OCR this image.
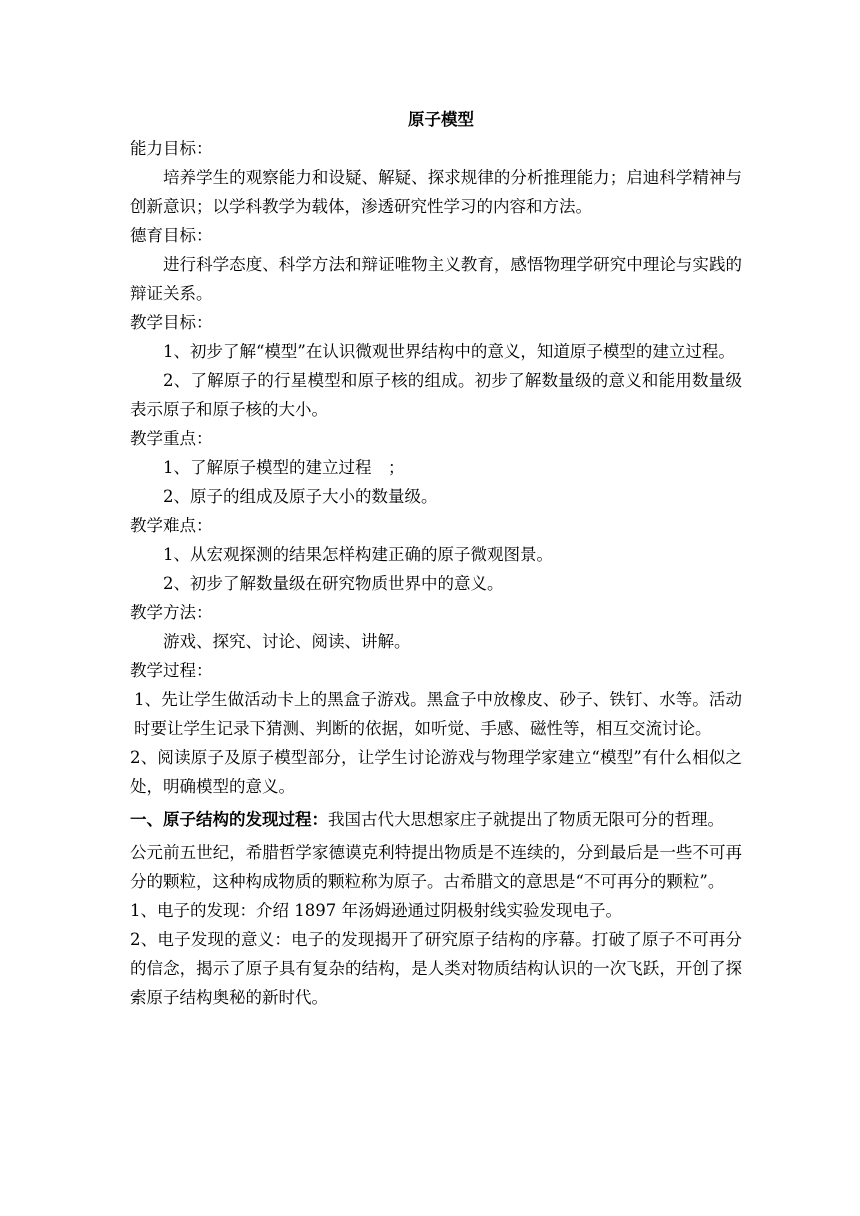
原子模型

能力目标：

培养学生的观察能力和设疑、解疑、探求规律的分析推理能力；启迪科学精神与创新意识；以学科教学为载体，渗透研究性学习的内容和方法。

德育目标：

进行科学态度、科学方法和辩证唯物主义教育，感悟物理学研究中理论与实践的辩证关系。

教学目标：

1、初步了解“模型”在认识微观世界结构中的意义，知道原子模型的建立过程。

2、了解原子的行星模型和原子核的组成。初步了解数量级的意义和能用数量级表示原子和原子核的大小。

教学重点：

1、了解原子模型的建立过程　；

2、原子的组成及原子大小的数量级。

教学难点：

1、从宏观探测的结果怎样构建正确的原子微观图景。

2、初步了解数量级在研究物质世界中的意义。

教学方法：

游戏、探究、讨论、阅读、讲解。

教学过程：

1、先让学生做活动卡上的黑盒子游戏。黑盒子中放橡皮、砂子、铁钉、水等。活动时要让学生记录下猜测、判断的依据，如听觉、手感、磁性等，相互交流讨论。

2、阅读原子及原子模型部分，让学生讨论游戏与物理学家建立“模型”有什么相似之处，明确模型的意义。

一、原子结构的发现过程：我国古代大思想家庄子就提出了物质无限可分的哲理。

公元前五世纪，希腊哲学家德谟克利特提出物质是不连续的，分到最后是一些不可再分的颗粒，这种构成物质的颗粒称为原子。古希腊文的意思是“不可再分的颗粒”。

1、电子的发现：介绍 1897 年汤姆逊通过阴极射线实验发现电子。

2、电子发现的意义：电子的发现揭开了研究原子结构的序幕。打破了原子不可再分的信念，揭示了原子具有复杂的结构，是人类对物质结构认识的一次飞跃，开创了探索原子结构奥秘的新时代。
